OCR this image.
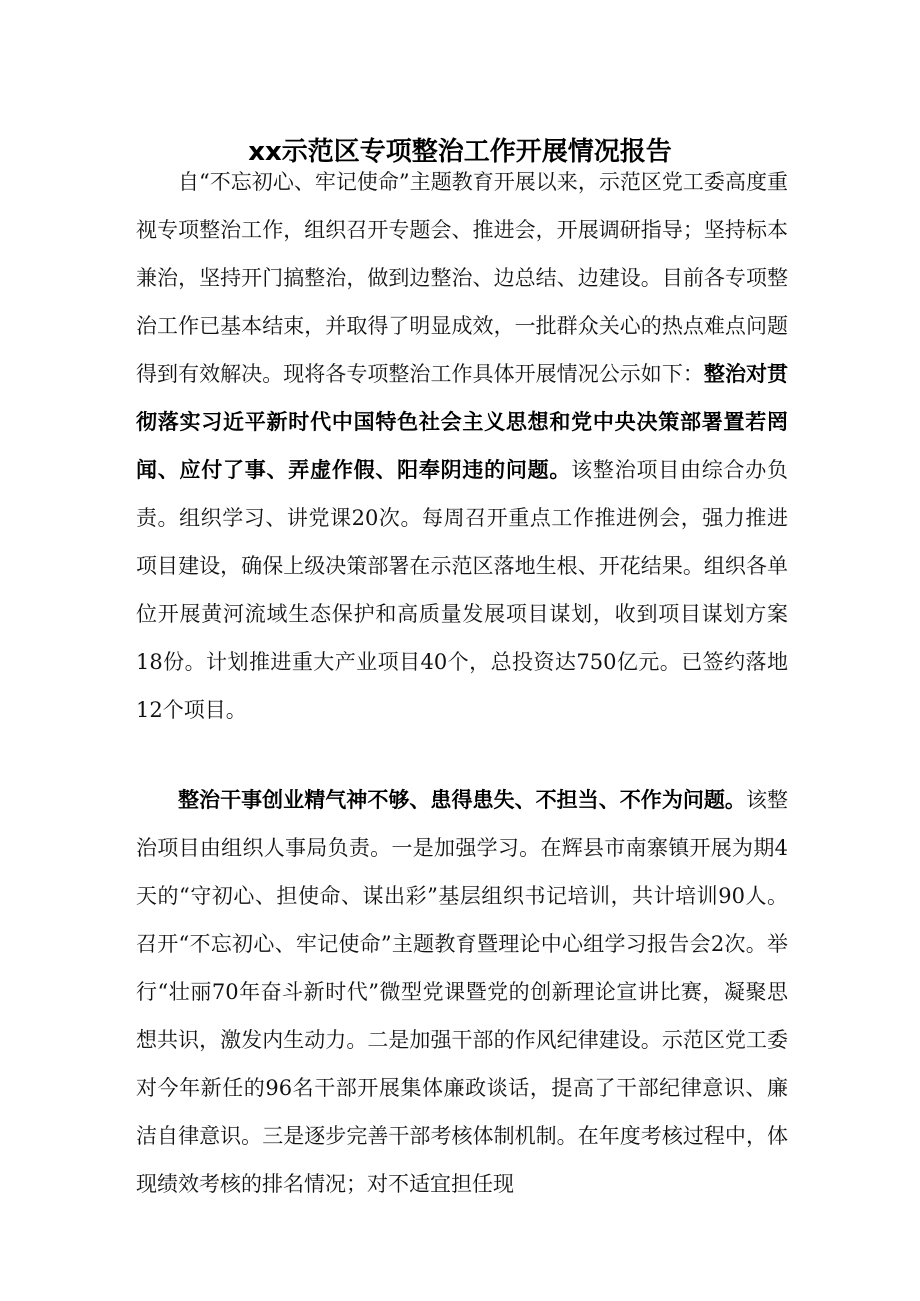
xx示范区专项整治工作开展情况报告

自“不忘初心、牢记使命”主题教育开展以来，示范区党工委高度重视专项整治工作，组织召开专题会、推进会，开展调研指导；坚持标本兼治，坚持开门搞整治，做到边整治、边总结、边建设。目前各专项整治工作已基本结束，并取得了明显成效，一批群众关心的热点难点问题得到有效解决。现将各专项整治工作具体开展情况公示如下：整治对贯彻落实习近平新时代中国特色社会主义思想和党中央决策部署置若罔闻、应付了事、弄虚作假、阳奉阴违的问题。该整治项目由综合办负责。组织学习、讲党课20次。每周召开重点工作推进例会，强力推进项目建设，确保上级决策部署在示范区落地生根、开花结果。组织各单位开展黄河流域生态保护和高质量发展项目谋划，收到项目谋划方案18份。计划推进重大产业项目40个，总投资达750亿元。已签约落地12个项目。

整治干事创业精气神不够、患得患失、不担当、不作为问题。该整治项目由组织人事局负责。一是加强学习。在辉县市南寨镇开展为期4天的“守初心、担使命、谋出彩”基层组织书记培训，共计培训90人。召开“不忘初心、牢记使命”主题教育暨理论中心组学习报告会2次。举行“壮丽70年奋斗新时代”微型党课暨党的创新理论宣讲比赛，凝聚思想共识，激发内生动力。二是加强干部的作风纪律建设。示范区党工委对今年新任的96名干部开展集体廉政谈话，提高了干部纪律意识、廉洁自律意识。三是逐步完善干部考核体制机制。在年度考核过程中，体现绩效考核的排名情况；对不适宜担任现
